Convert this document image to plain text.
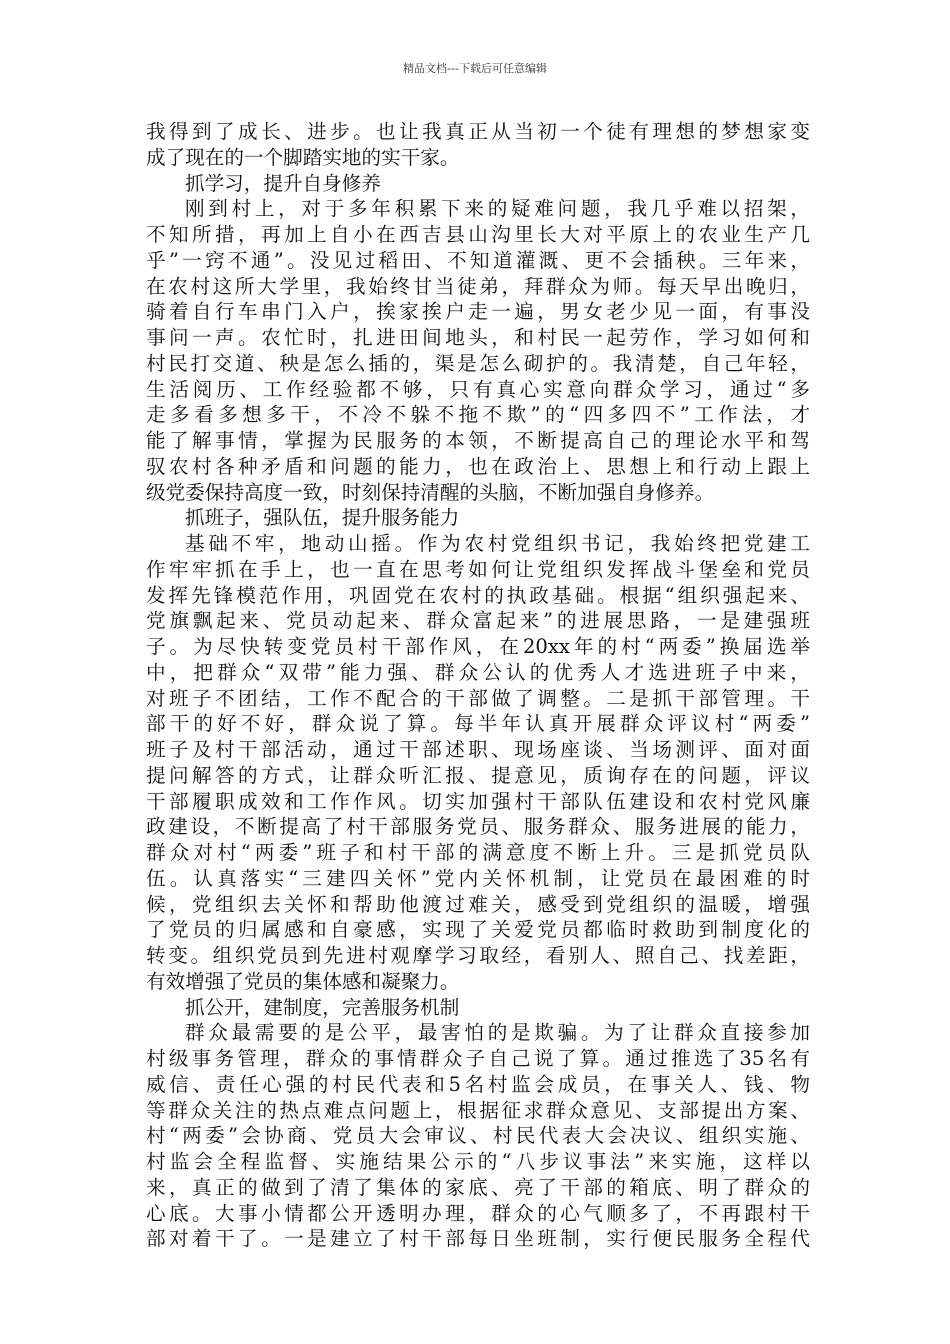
精品文档---下载后可任意编辑
我得到了成长、进步。也让我真正从当初一个徒有理想的梦想家变
成了现在的一个脚踏实地的实干家。
抓学习，提升自身修养
刚到村上，对于多年积累下来的疑难问题，我几乎难以招架，
不知所措，再加上自小在西吉县山沟里长大对平原上的农业生产几
乎”一窍不通”。没见过稻田、不知道灌溉、更不会插秧。三年来，
在农村这所大学里，我始终甘当徒弟，拜群众为师。每天早出晚归，
骑着自行车串门入户，挨家挨户走一遍，男女老少见一面，有事没
事问一声。农忙时，扎进田间地头，和村民一起劳作，学习如何和
村民打交道、秧是怎么插的，渠是怎么砌护的。我清楚，自己年轻，
生活阅历、工作经验都不够，只有真心实意向群众学习，通过“多
走多看多想多干，不冷不躲不拖不欺”的“四多四不”工作法，才
能了解事情，掌握为民服务的本领，不断提高自己的理论水平和驾
驭农村各种矛盾和问题的能力，也在政治上、思想上和行动上跟上
级党委保持高度一致，时刻保持清醒的头脑，不断加强自身修养。
抓班子，强队伍，提升服务能力
基础不牢，地动山摇。作为农村党组织书记，我始终把党建工
作牢牢抓在手上，也一直在思考如何让党组织发挥战斗堡垒和党员
发挥先锋模范作用，巩固党在农村的执政基础。根据“组织强起来、
党旗飘起来、党员动起来、群众富起来”的进展思路，一是建强班
子。为尽快转变党员村干部作风，在20xx年的村“两委”换届选举
中，把群众“双带”能力强、群众公认的优秀人才选进班子中来，
对班子不团结，工作不配合的干部做了调整。二是抓干部管理。干
部干的好不好，群众说了算。每半年认真开展群众评议村“两委”
班子及村干部活动，通过干部述职、现场座谈、当场测评、面对面
提问解答的方式，让群众听汇报、提意见，质询存在的问题，评议
干部履职成效和工作作风。切实加强村干部队伍建设和农村党风廉
政建设，不断提高了村干部服务党员、服务群众、服务进展的能力，
群众对村“两委”班子和村干部的满意度不断上升。三是抓党员队
伍。认真落实“三建四关怀”党内关怀机制，让党员在最困难的时
候，党组织去关怀和帮助他渡过难关，感受到党组织的温暖，增强
了党员的归属感和自豪感，实现了关爱党员都临时救助到制度化的
转变。组织党员到先进村观摩学习取经，看别人、照自己、找差距，
有效增强了党员的集体感和凝聚力。
抓公开，建制度，完善服务机制
群众最需要的是公平，最害怕的是欺骗。为了让群众直接参加
村级事务管理，群众的事情群众子自己说了算。通过推选了35名有
威信、责任心强的村民代表和5名村监会成员，在事关人、钱、物
等群众关注的热点难点问题上，根据征求群众意见、支部提出方案、
村“两委”会协商、党员大会审议、村民代表大会决议、组织实施、
村监会全程监督、实施结果公示的“八步议事法”来实施，这样以
来，真正的做到了清了集体的家底、亮了干部的箱底、明了群众的
心底。大事小情都公开透明办理，群众的心气顺多了，不再跟村干
部对着干了。一是建立了村干部每日坐班制，实行便民服务全程代
